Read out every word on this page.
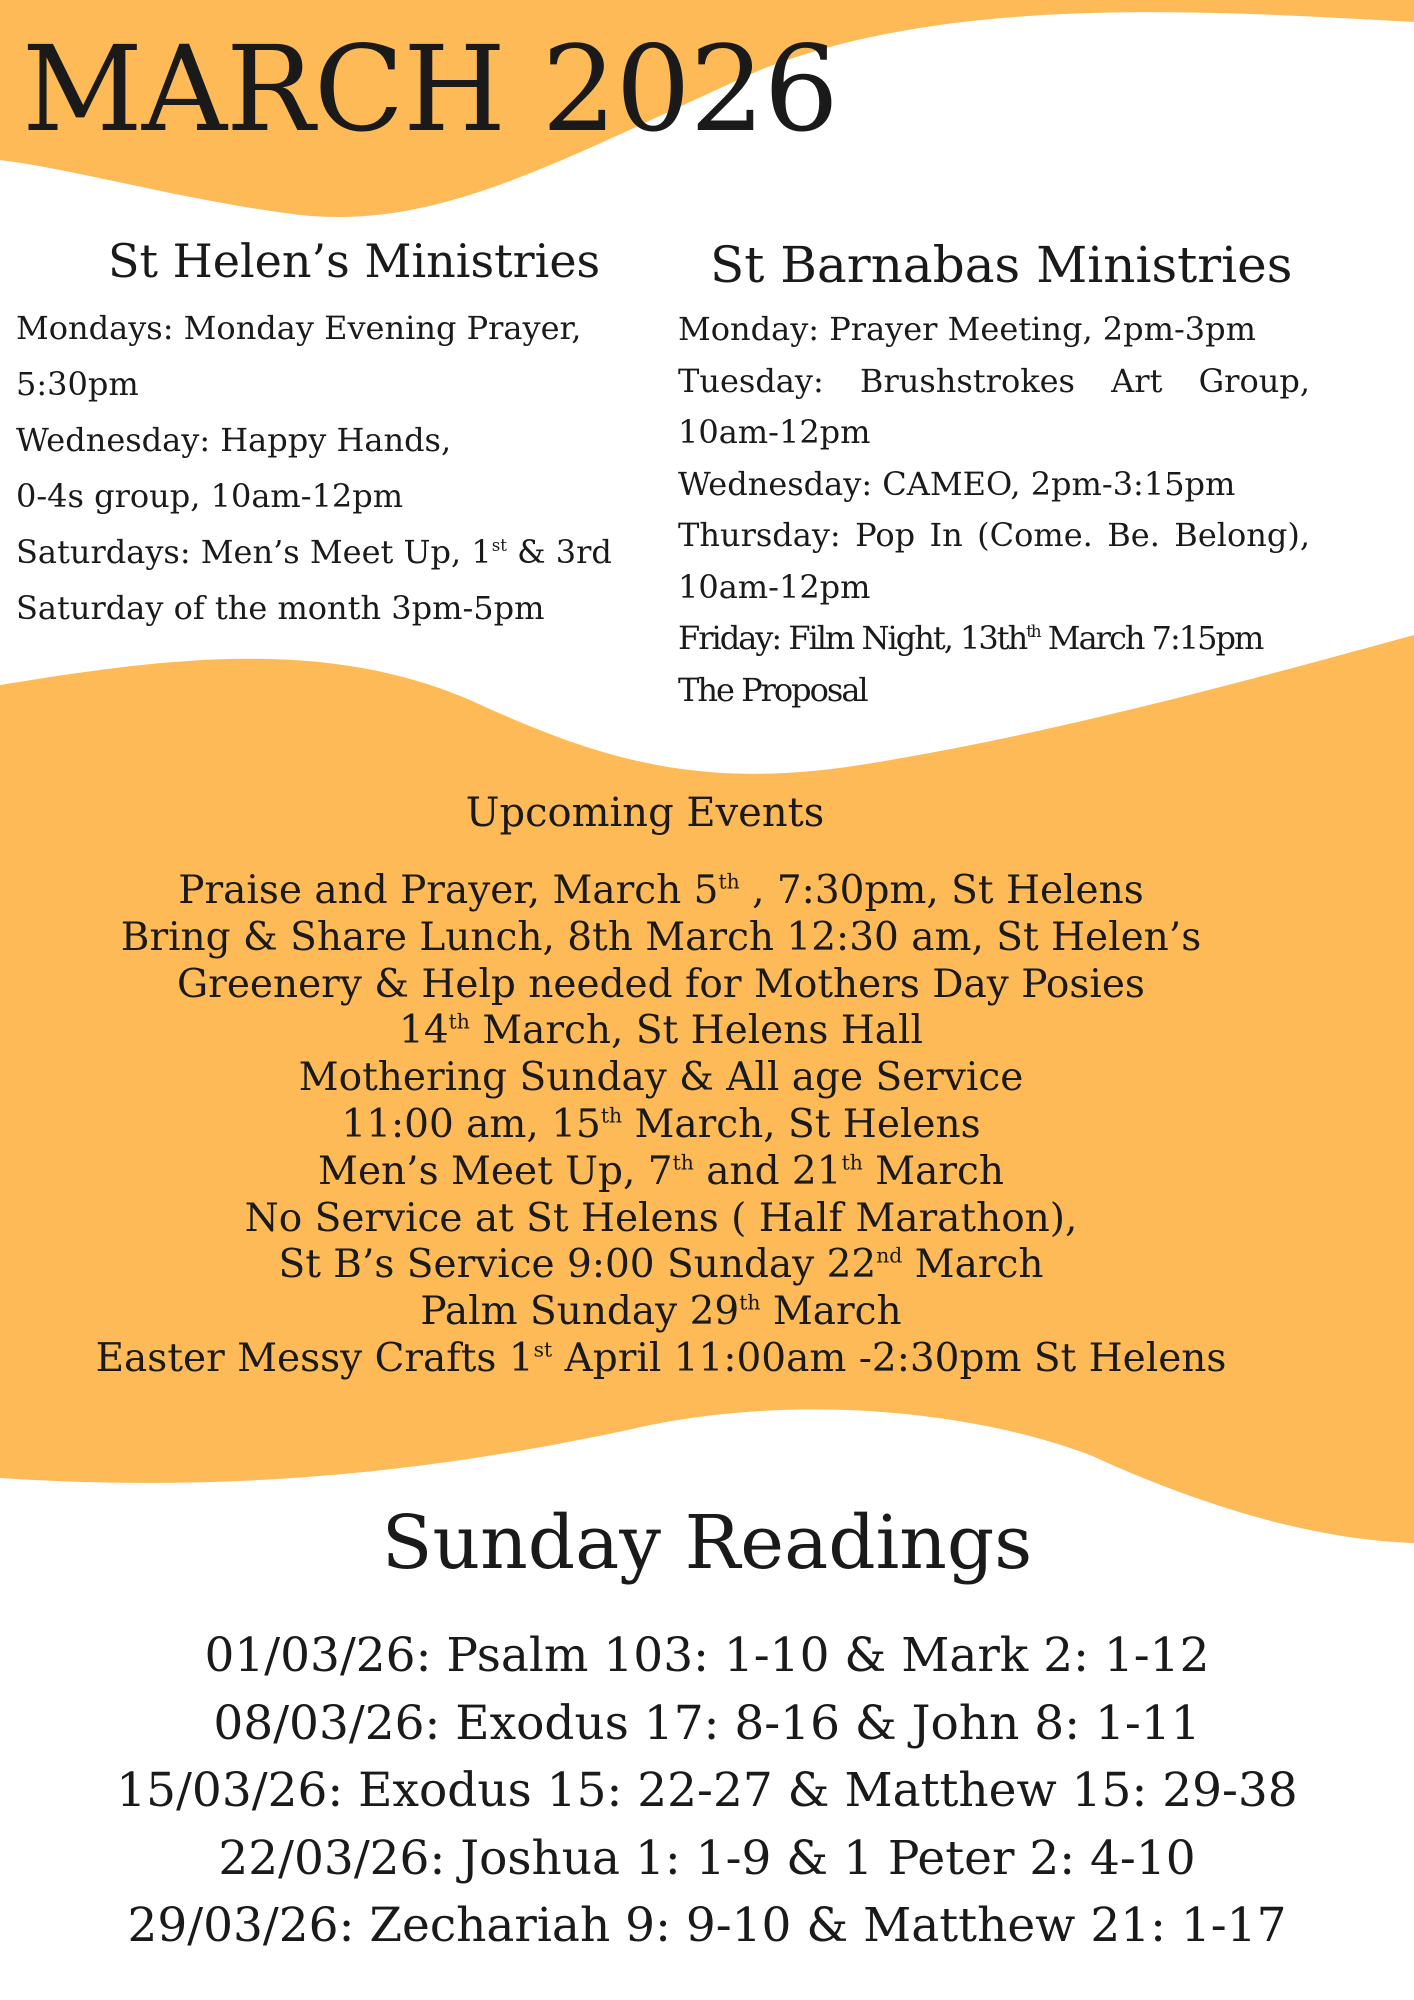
MARCH 2026
St Helen’s Ministries

Mondays: Monday Evening Prayer,

5:30pm

Wednesday: Happy Hands,

0-4s group, 10am-12pm

Saturdays: Men’s Meet Up, 1st & 3rd

Saturday of the month 3pm-5pm

St Barnabas Ministries

Monday: Prayer Meeting, 2pm-3pm

Tuesday: Brushstrokes Art Group,

10am-12pm

Wednesday: CAMEO, 2pm-3:15pm

Thursday: Pop In (Come. Be. Belong),

10am-12pm

Friday: Film Night, $13th^{th}$ March 7:15pm

The Proposal

Upcoming Events

Praise and Prayer, March 5th , 7:30pm, St Helens

Bring & Share Lunch, 8th March 12:30 am, St Helen’s

Greenery & Help needed for Mothers Day Posies

14th March, St Helens Hall

Mothering Sunday & All age Service

11:00 am, 15th March, St Helens

Men’s Meet Up, 7th and 21th March

No Service at St Helens ( Half Marathon),

St B’s Service 9:00 Sunday 22nd March

Palm Sunday 29th March

Easter Messy Crafts 1st April 11:00am -2:30pm St Helens

Sunday Readings

01/03/26: Psalm 103: 1-10 & Mark 2: 1-12

08/03/26: Exodus 17: 8-16 & John 8: 1-11

15/03/26: Exodus 15: 22-27 & Matthew 15: 29-38

22/03/26: Joshua 1: 1-9 & 1 Peter 2: 4-10

29/03/26: Zechariah 9: 9-10 & Matthew 21: 1-17
